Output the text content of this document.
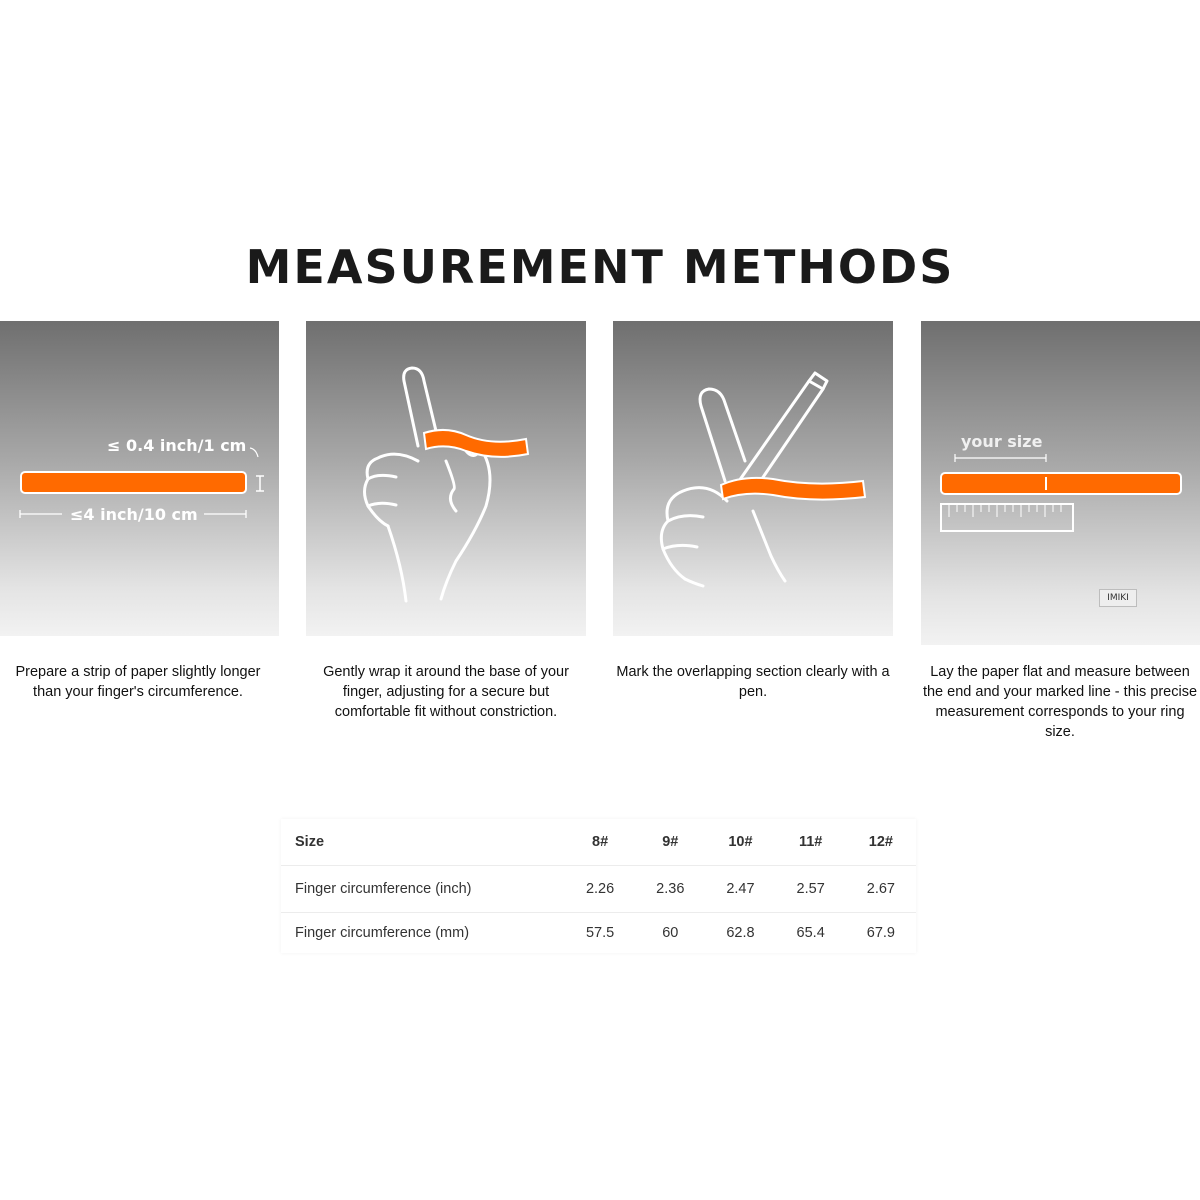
MEASUREMENT METHODS
≤ 0.4 inch/1 cm
≤4 inch/10 cm
your size
IMIKI
Prepare a strip of paper slightly longer than your finger's circumference.
Gently wrap it around the base of your finger, adjusting for a secure but comfortable fit without constriction.
Mark the overlapping section clearly with a pen.
Lay the paper flat and measure between the end and your marked line - this precise measurement corresponds to your ring size.
Size	8#	9#	10#	11#	12#
Finger circumference (inch)	2.26	2.36	2.47	2.57	2.67
Finger circumference (mm)	57.5	60	62.8	65.4	67.9
